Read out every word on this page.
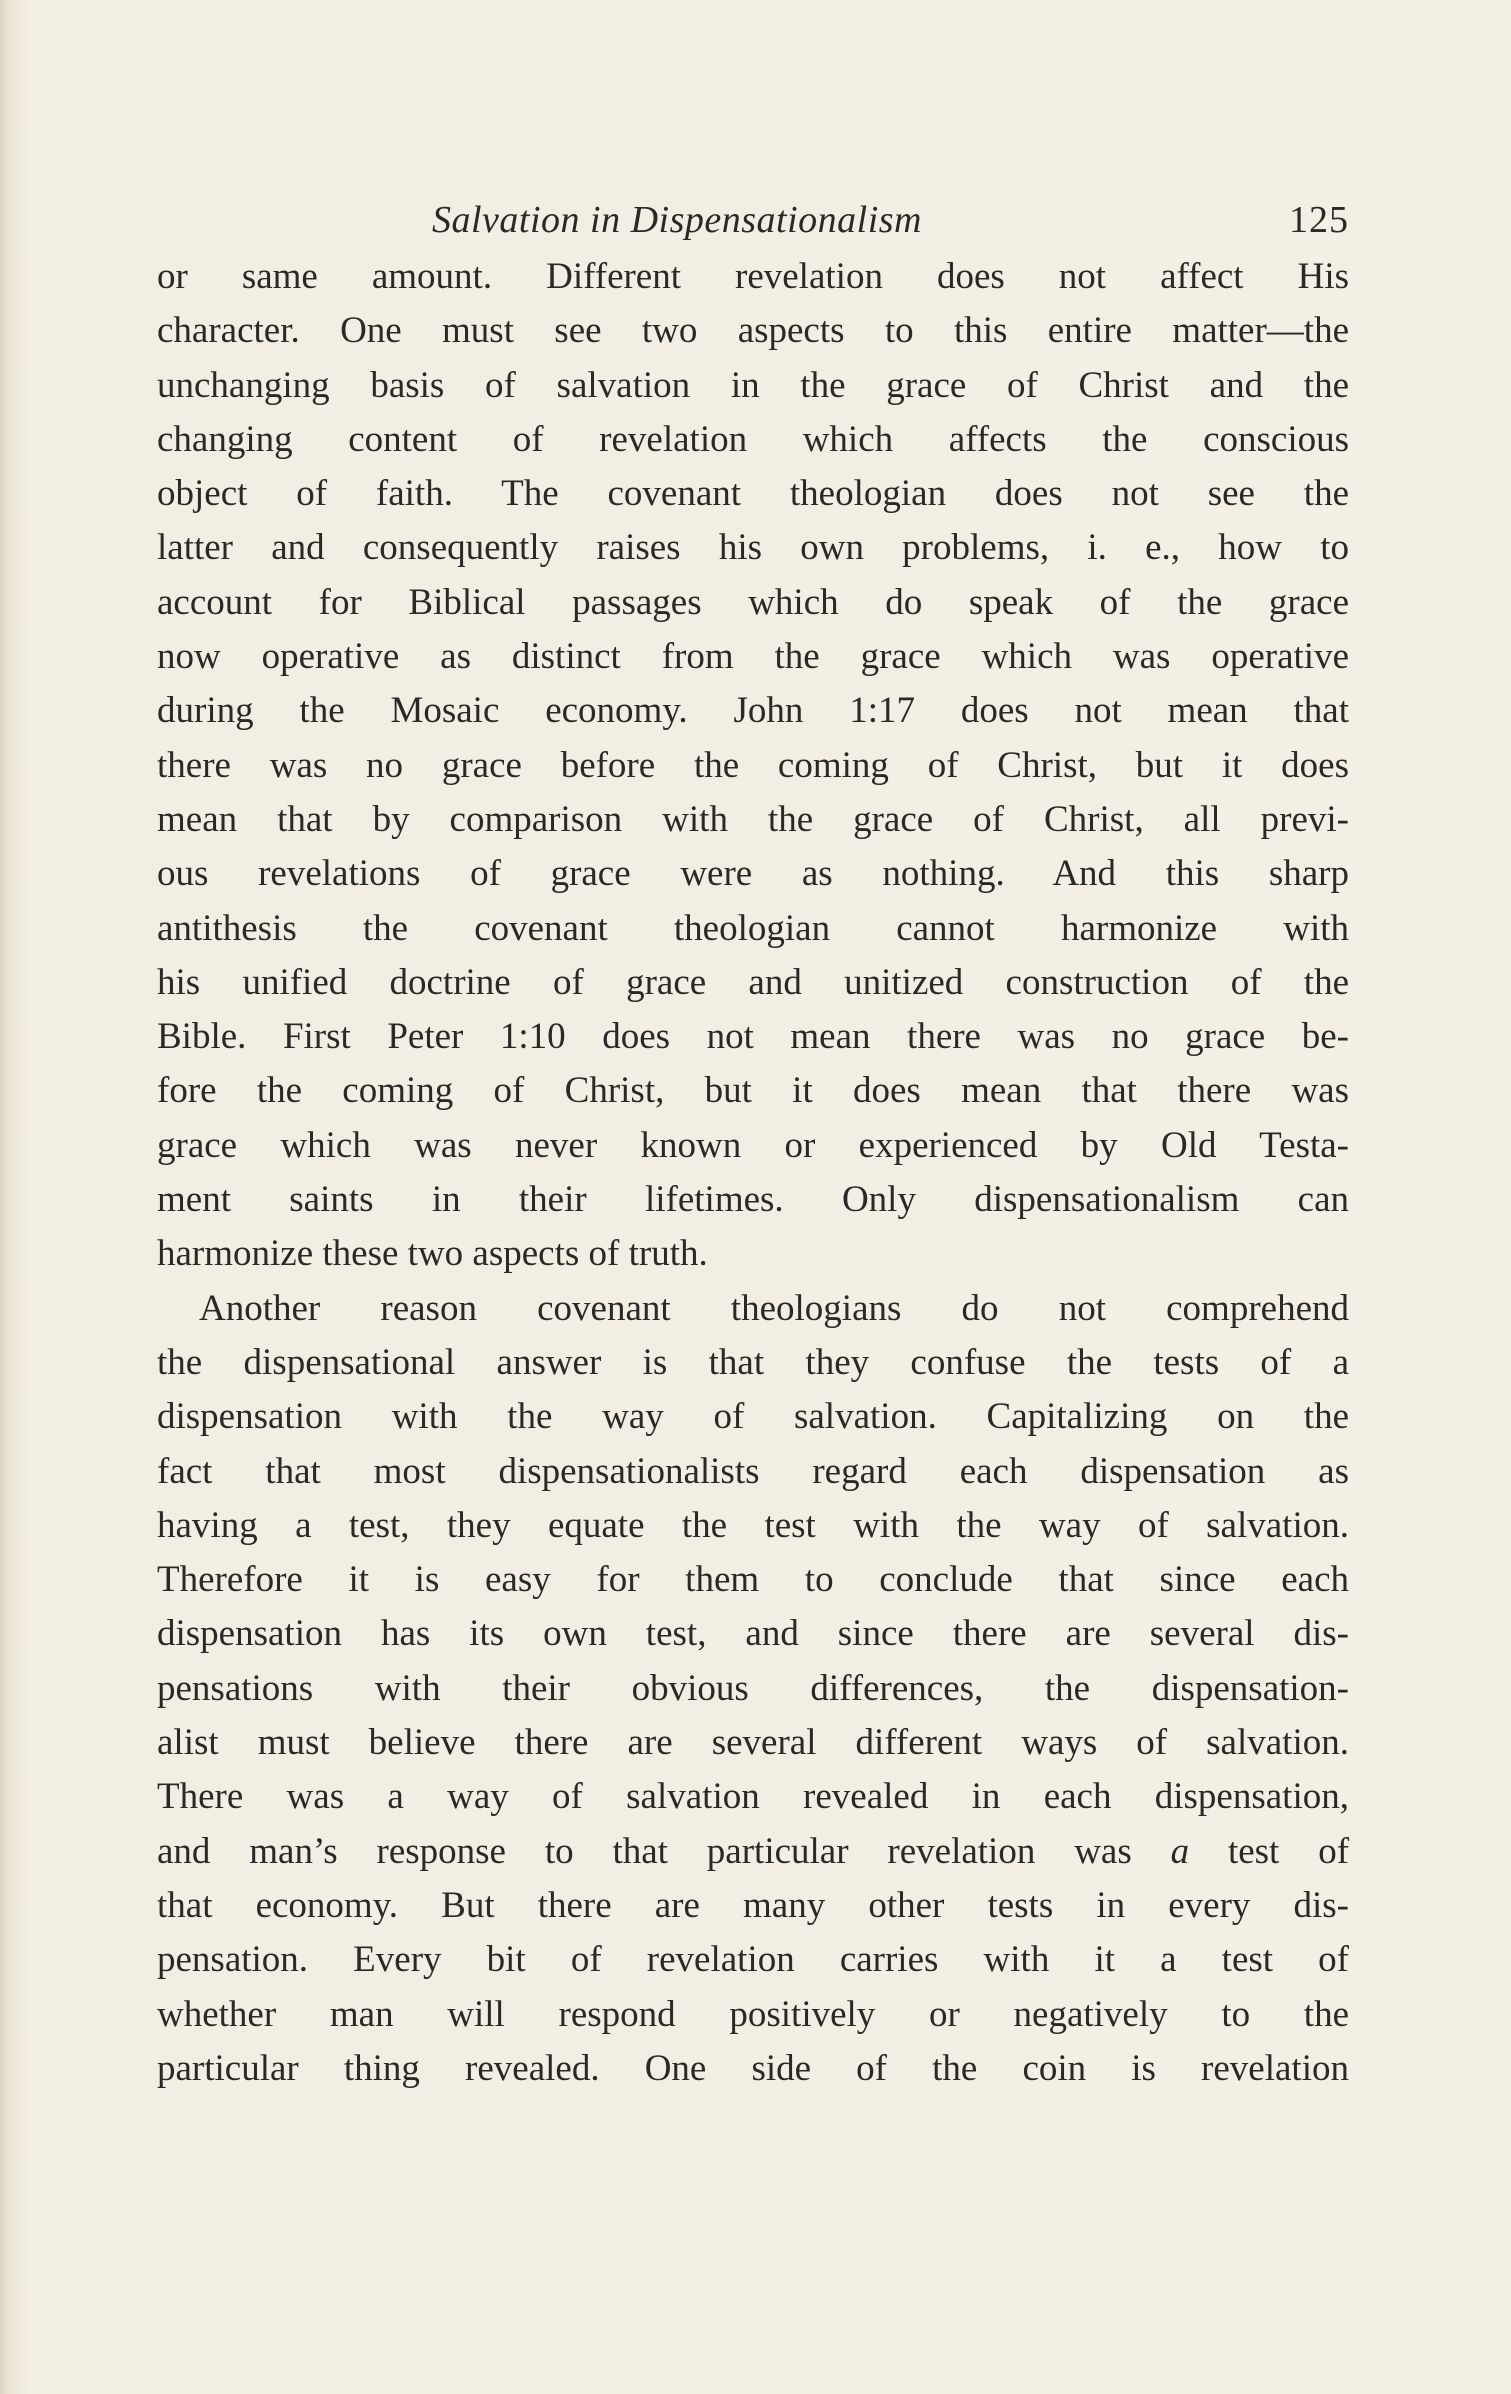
Salvation in Dispensationalism	125
or same amount. Different revelation does not affect His
character. One must see two aspects to this entire matter—the
unchanging basis of salvation in the grace of Christ and the
changing content of revelation which affects the conscious
object of faith. The covenant theologian does not see the
latter and consequently raises his own problems, i. e., how to
account for Biblical passages which do speak of the grace
now operative as distinct from the grace which was operative
during the Mosaic economy. John 1:17 does not mean that
there was no grace before the coming of Christ, but it does
mean that by comparison with the grace of Christ, all previ-
ous revelations of grace were as nothing. And this sharp
antithesis the covenant theologian cannot harmonize with
his unified doctrine of grace and unitized construction of the
Bible. First Peter 1:10 does not mean there was no grace be-
fore the coming of Christ, but it does mean that there was
grace which was never known or experienced by Old Testa-
ment saints in their lifetimes. Only dispensationalism can
harmonize these two aspects of truth.
Another reason covenant theologians do not comprehend
the dispensational answer is that they confuse the tests of a
dispensation with the way of salvation. Capitalizing on the
fact that most dispensationalists regard each dispensation as
having a test, they equate the test with the way of salvation.
Therefore it is easy for them to conclude that since each
dispensation has its own test, and since there are several dis-
pensations with their obvious differences, the dispensation-
alist must believe there are several different ways of salvation.
There was a way of salvation revealed in each dispensation,
and man’s response to that particular revelation was a test of
that economy. But there are many other tests in every dis-
pensation. Every bit of revelation carries with it a test of
whether man will respond positively or negatively to the
particular thing revealed. One side of the coin is revelation
